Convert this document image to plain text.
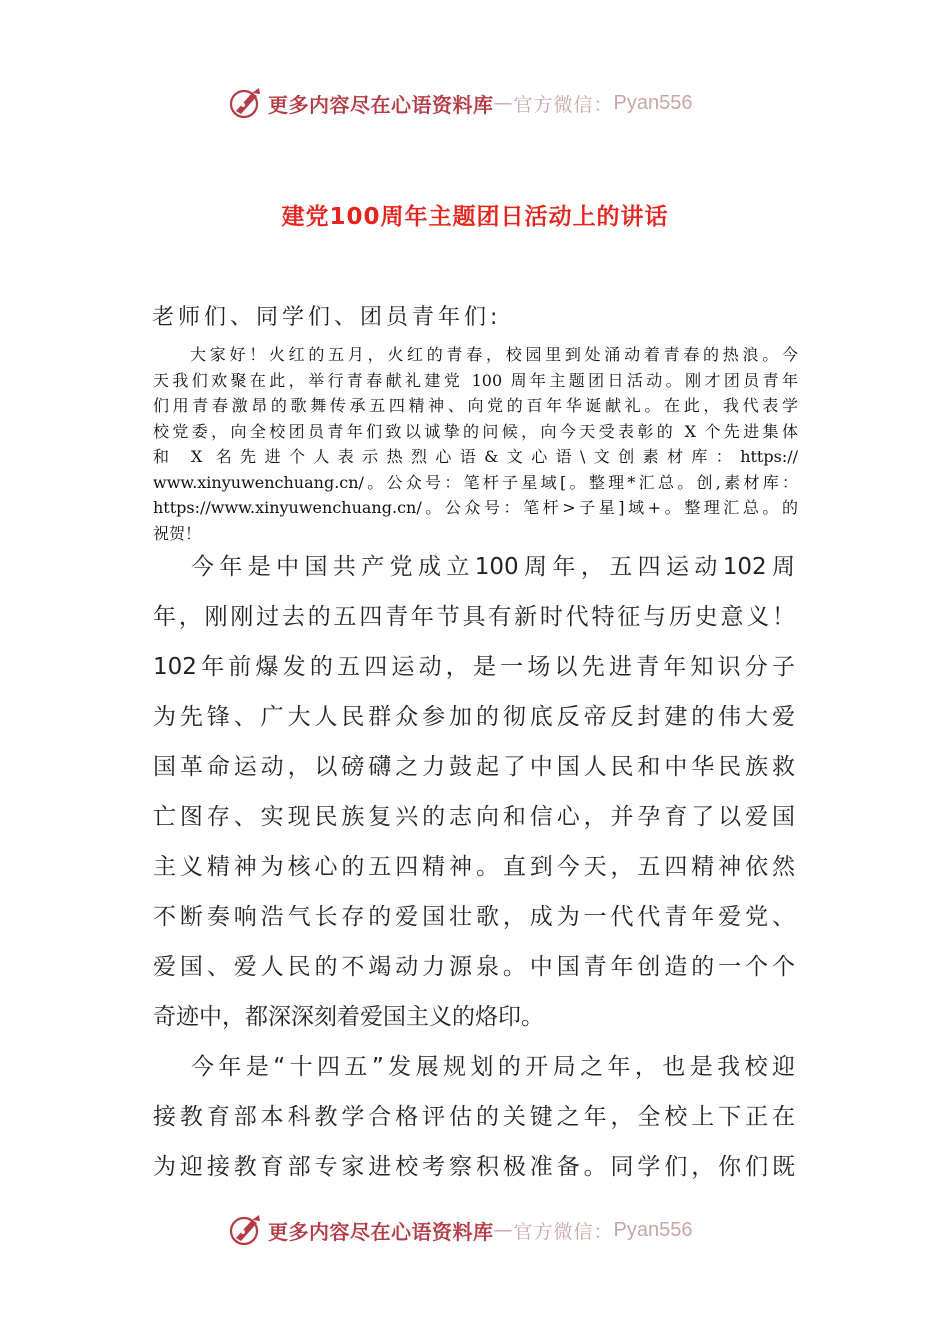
更多内容尽在心语资料库 — 官方微信： Pyan556
建党100周年主题团日活动上的讲话
老师们、同学们、团员青年们:
大家好！火红的五月，火红的青春，校园里到处涌动着青春的热浪。今
天我们欢聚在此，举行青春献礼建党 100 周年主题团日活动。刚才团员青年
们用青春激昂的歌舞传承五四精神、向党的百年华诞献礼。在此，我代表学
校党委，向全校团员青年们致以诚挚的问候，向今天受表彰的 X 个先进集体
和 X 名先进个人表示热烈心语&文心语\文创素材库：https://
www.xinyuwenchuang.cn/。公众号：笔杆子星域[。整理*汇总。创,素材库：
https://www.xinyuwenchuang.cn/。公众号：笔杆>子星]域+。整理汇总。的
祝贺！
今年是中国共产党成立100周年，五四运动102周
年，刚刚过去的五四青年节具有新时代特征与历史意义！
102年前爆发的五四运动，是一场以先进青年知识分子
为先锋、广大人民群众参加的彻底反帝反封建的伟大爱
国革命运动，以磅礴之力鼓起了中国人民和中华民族救
亡图存、实现民族复兴的志向和信心，并孕育了以爱国
主义精神为核心的五四精神。直到今天，五四精神依然
不断奏响浩气长存的爱国壮歌，成为一代代青年爱党、
爱国、爱人民的不竭动力源泉。中国青年创造的一个个
奇迹中，都深深刻着爱国主义的烙印。
今年是“十四五”发展规划的开局之年，也是我校迎
接教育部本科教学合格评估的关键之年，全校上下正在
为迎接教育部专家进校考察积极准备。同学们，你们既
更多内容尽在心语资料库 — 官方微信： Pyan556
